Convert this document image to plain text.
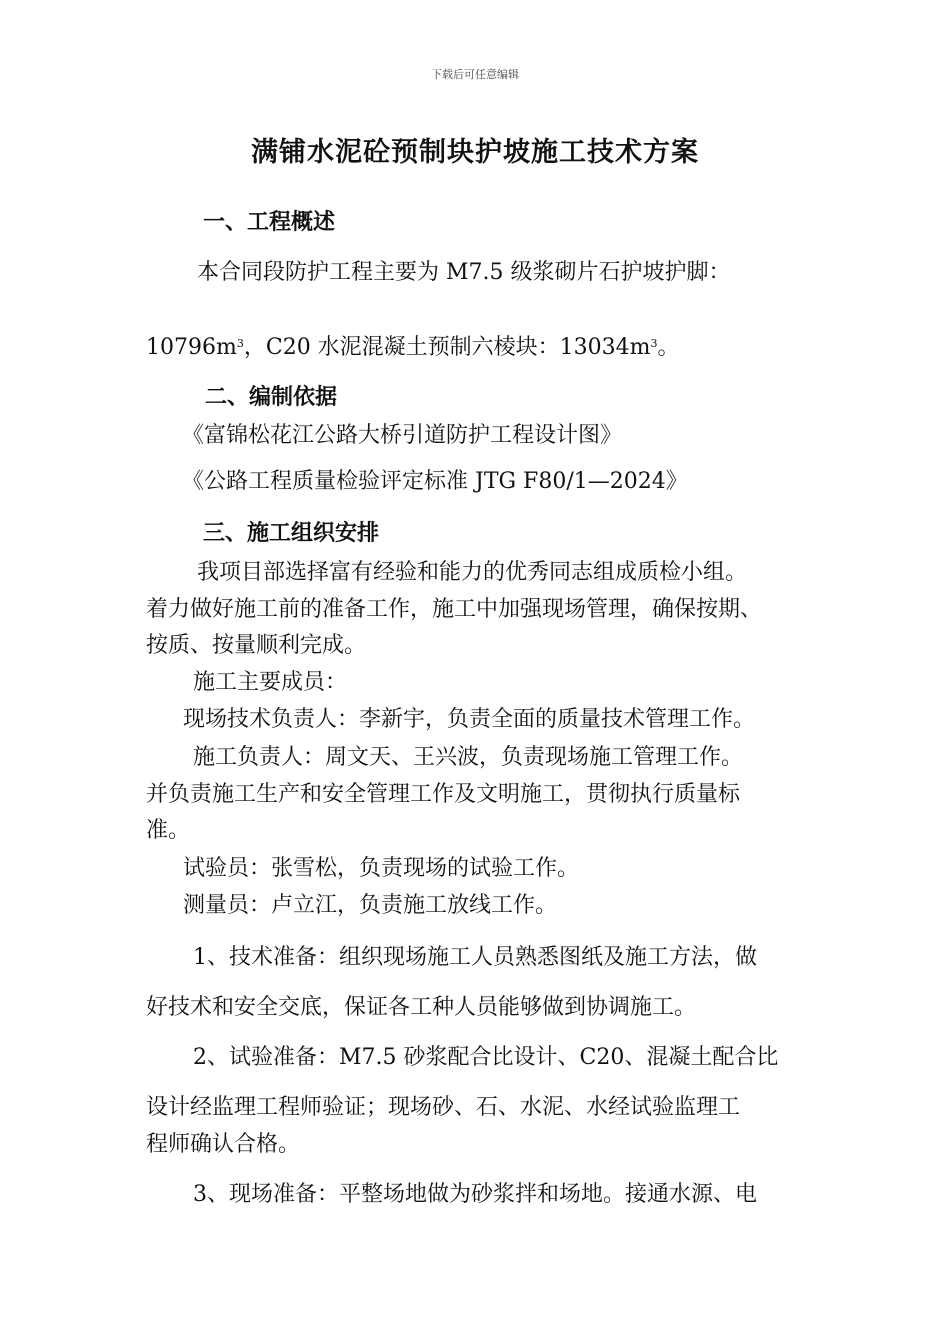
下载后可任意编辑
满铺水泥砼预制块护坡施工技术方案
一、工程概述
本合同段防护工程主要为 M7.5 级浆砌片石护坡护脚：
$10796m^3$，C20 水泥混凝土预制六棱块：$13034m^3$。
二、编制依据
《富锦松花江公路大桥引道防护工程设计图》
《公路工程质量检验评定标准 JTG F80/1—2024》
三、施工组织安排
我项目部选择富有经验和能力的优秀同志组成质检小组。
着力做好施工前的准备工作，施工中加强现场管理，确保按期、
按质、按量顺利完成。
施工主要成员：
现场技术负责人：李新宇，负责全面的质量技术管理工作。
施工负责人：周文天、王兴波，负责现场施工管理工作。
并负责施工生产和安全管理工作及文明施工，贯彻执行质量标
准。
试验员：张雪松，负责现场的试验工作。
测量员：卢立江，负责施工放线工作。
1、技术准备：组织现场施工人员熟悉图纸及施工方法，做
好技术和安全交底，保证各工种人员能够做到协调施工。
2、试验准备：M7.5 砂浆配合比设计、C20、混凝土配合比
设计经监理工程师验证；现场砂、石、水泥、水经试验监理工
程师确认合格。
3、现场准备：平整场地做为砂浆拌和场地。接通水源、电
